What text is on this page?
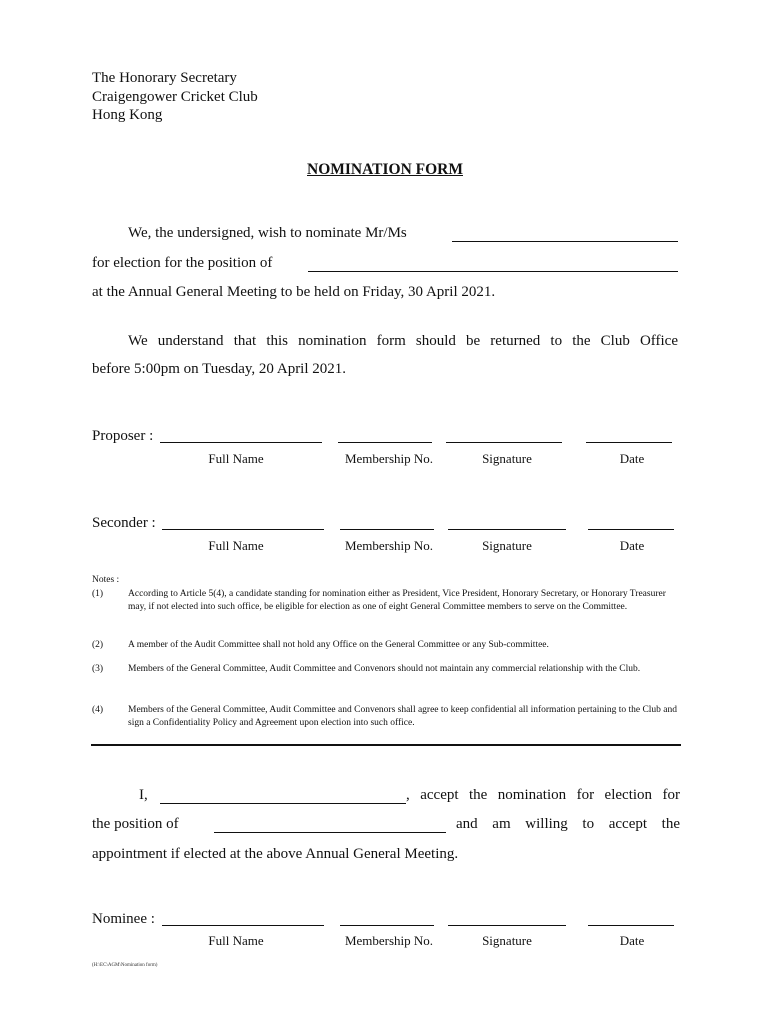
The Honorary Secretary
Craigengower Cricket Club
Hong Kong
NOMINATION FORM
We, the undersigned, wish to nominate Mr/Ms
for election for the position of
at the Annual General Meeting to be held on Friday, 30 April 2021.
We understand that this nomination form should be returned to the Club Office
before 5:00pm on Tuesday, 20 April 2021.
Proposer :
Full Name	Membership No.	Signature	Date
Seconder :
Full Name	Membership No.	Signature	Date
Notes :
(1)	According to Article 5(4), a candidate standing for nomination either as President, Vice President, Honorary Secretary, or Honorary Treasurer may, if not elected into such office, be eligible for election as one of eight General Committee members to serve on the Committee.
(2)	A member of the Audit Committee shall not hold any Office on the General Committee or any Sub-committee.
(3)	Members of the General Committee, Audit Committee and Convenors should not maintain any commercial relationship with the Club.
(4)	Members of the General Committee, Audit Committee and Convenors shall agree to keep confidential all information pertaining to the Club and sign a Confidentiality Policy and Agreement upon election into such office.
I,	, accept the nomination for election for
the position of	and am willing to accept the
appointment if elected at the above Annual General Meeting.
Nominee :
Full Name	Membership No.	Signature	Date
(H:\EC\AGM\Nomination form)
